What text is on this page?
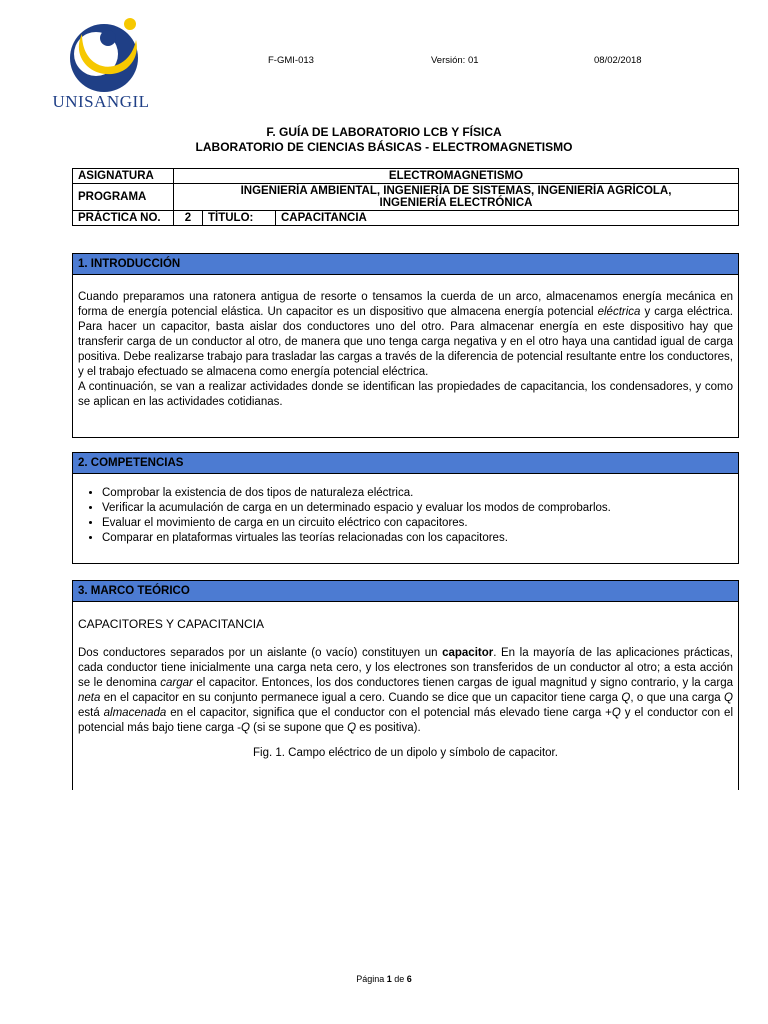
UNISANGIL
F-GMI-013	Versión: 01	08/02/2018
F. GUÍA DE LABORATORIO LCB Y FÍSICA
LABORATORIO DE CIENCIAS BÁSICAS - ELECTROMAGNETISMO
ASIGNATURA	ELECTROMAGNETISMO		
PROGRAMA	INGENIERÍA AMBIENTAL, INGENIERÍA DE SISTEMAS, INGENIERÍA AGRÍCOLA,
INGENIERÍA ELECTRÓNICA		

PRÁCTICA NO.	2	TÍTULO:	CAPACITANCIA
1. INTRODUCCIÓN

Cuando preparamos una ratonera antigua de resorte o tensamos la cuerda de un arco, almacenamos energía mecánica en forma de energía potencial elástica. Un capacitor es un dispositivo que almacena energía potencial eléctrica y carga eléctrica. Para hacer un capacitor, basta aislar dos conductores uno del otro. Para almacenar energía en este dispositivo hay que transferir carga de un conductor al otro, de manera que uno tenga carga negativa y en el otro haya una cantidad igual de carga positiva. Debe realizarse trabajo para trasladar las cargas a través de la diferencia de potencial resultante entre los conductores, y el trabajo efectuado se almacena como energía potencial eléctrica.

A continuación, se van a realizar actividades donde se identifican las propiedades de capacitancia, los condensadores, y como se aplican en las actividades cotidianas.

2. COMPETENCIAS
• Comprobar la existencia de dos tipos de naturaleza eléctrica.
• Verificar la acumulación de carga en un determinado espacio y evaluar los modos de comprobarlos.
• Evaluar el movimiento de carga en un circuito eléctrico con capacitores.
• Comparar en plataformas virtuales las teorías relacionadas con los capacitores.
3. MARCO TEÓRICO
CAPACITORES Y CAPACITANCIA

Dos conductores separados por un aislante (o vacío) constituyen un capacitor. En la mayoría de las aplicaciones prácticas, cada conductor tiene inicialmente una carga neta cero, y los electrones son transferidos de un conductor al otro; a esta acción se le denomina cargar el capacitor. Entonces, los dos conductores tienen cargas de igual magnitud y signo contrario, y la carga neta en el capacitor en su conjunto permanece igual a cero. Cuando se dice que un capacitor tiene carga Q, o que una carga Q está almacenada en el capacitor, significa que el conductor con el potencial más elevado tiene carga +Q y el conductor con el potencial más bajo tiene carga -Q (si se supone que Q es positiva).

Fig. 1. Campo eléctrico de un dipolo y símbolo de capacitor.
Página 1 de 6
